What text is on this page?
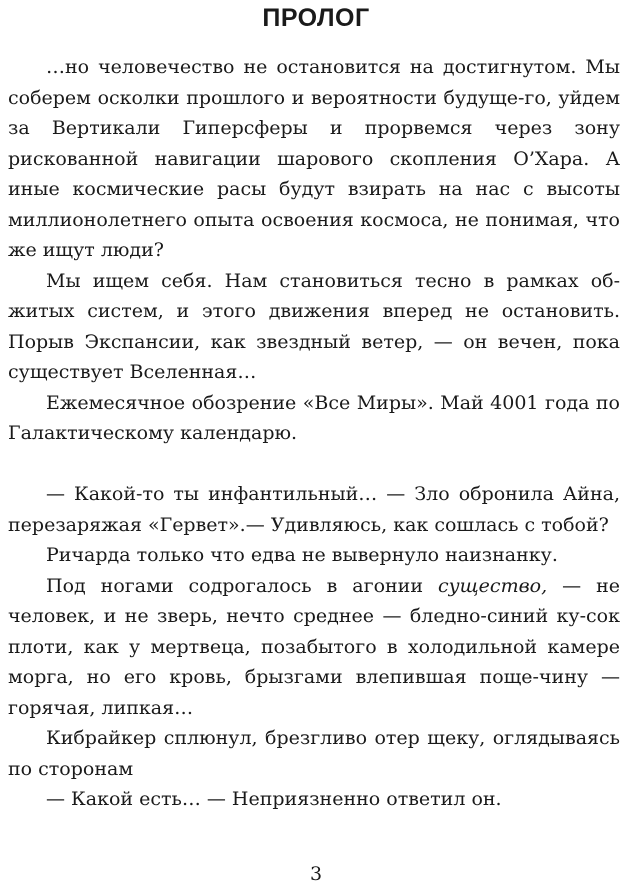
ПРОЛОГ

…но человечество не остановится на достигнутом. Мы соберем осколки прошлого и вероятности будуще-го, уйдем за Вертикали Гиперсферы и прорвемся через зону рискованной навигации шарового скопления О’Хара. А иные космические расы будут взирать на нас с высоты миллионолетнего опыта освоения космоса, не понимая, что же ищут люди?

Мы ищем себя. Нам становиться тесно в рамках об-житых систем, и этого движения вперед не остановить. Порыв Экспансии, как звездный ветер, — он вечен, пока существует Вселенная…

Ежемесячное обозрение «Все Миры». Май 4001 года по Галактическому календарю.

— Какой-то ты инфантильный… — Зло обронила Айна, перезаряжая «Гервет».— Удивляюсь, как сошлась с тобой?

Ричарда только что едва не вывернуло наизнанку.

Под ногами содрогалось в агонии существо, — не человек, и не зверь, нечто среднее — бледно-синий ку-сок плоти, как у мертвеца, позабытого в холодильной камере морга, но его кровь, брызгами влепившая поще-чину — горячая, липкая…

Кибрайкер сплюнул, брезгливо отер щеку, оглядываясь по сторонам

— Какой есть… — Неприязненно ответил он.

3
